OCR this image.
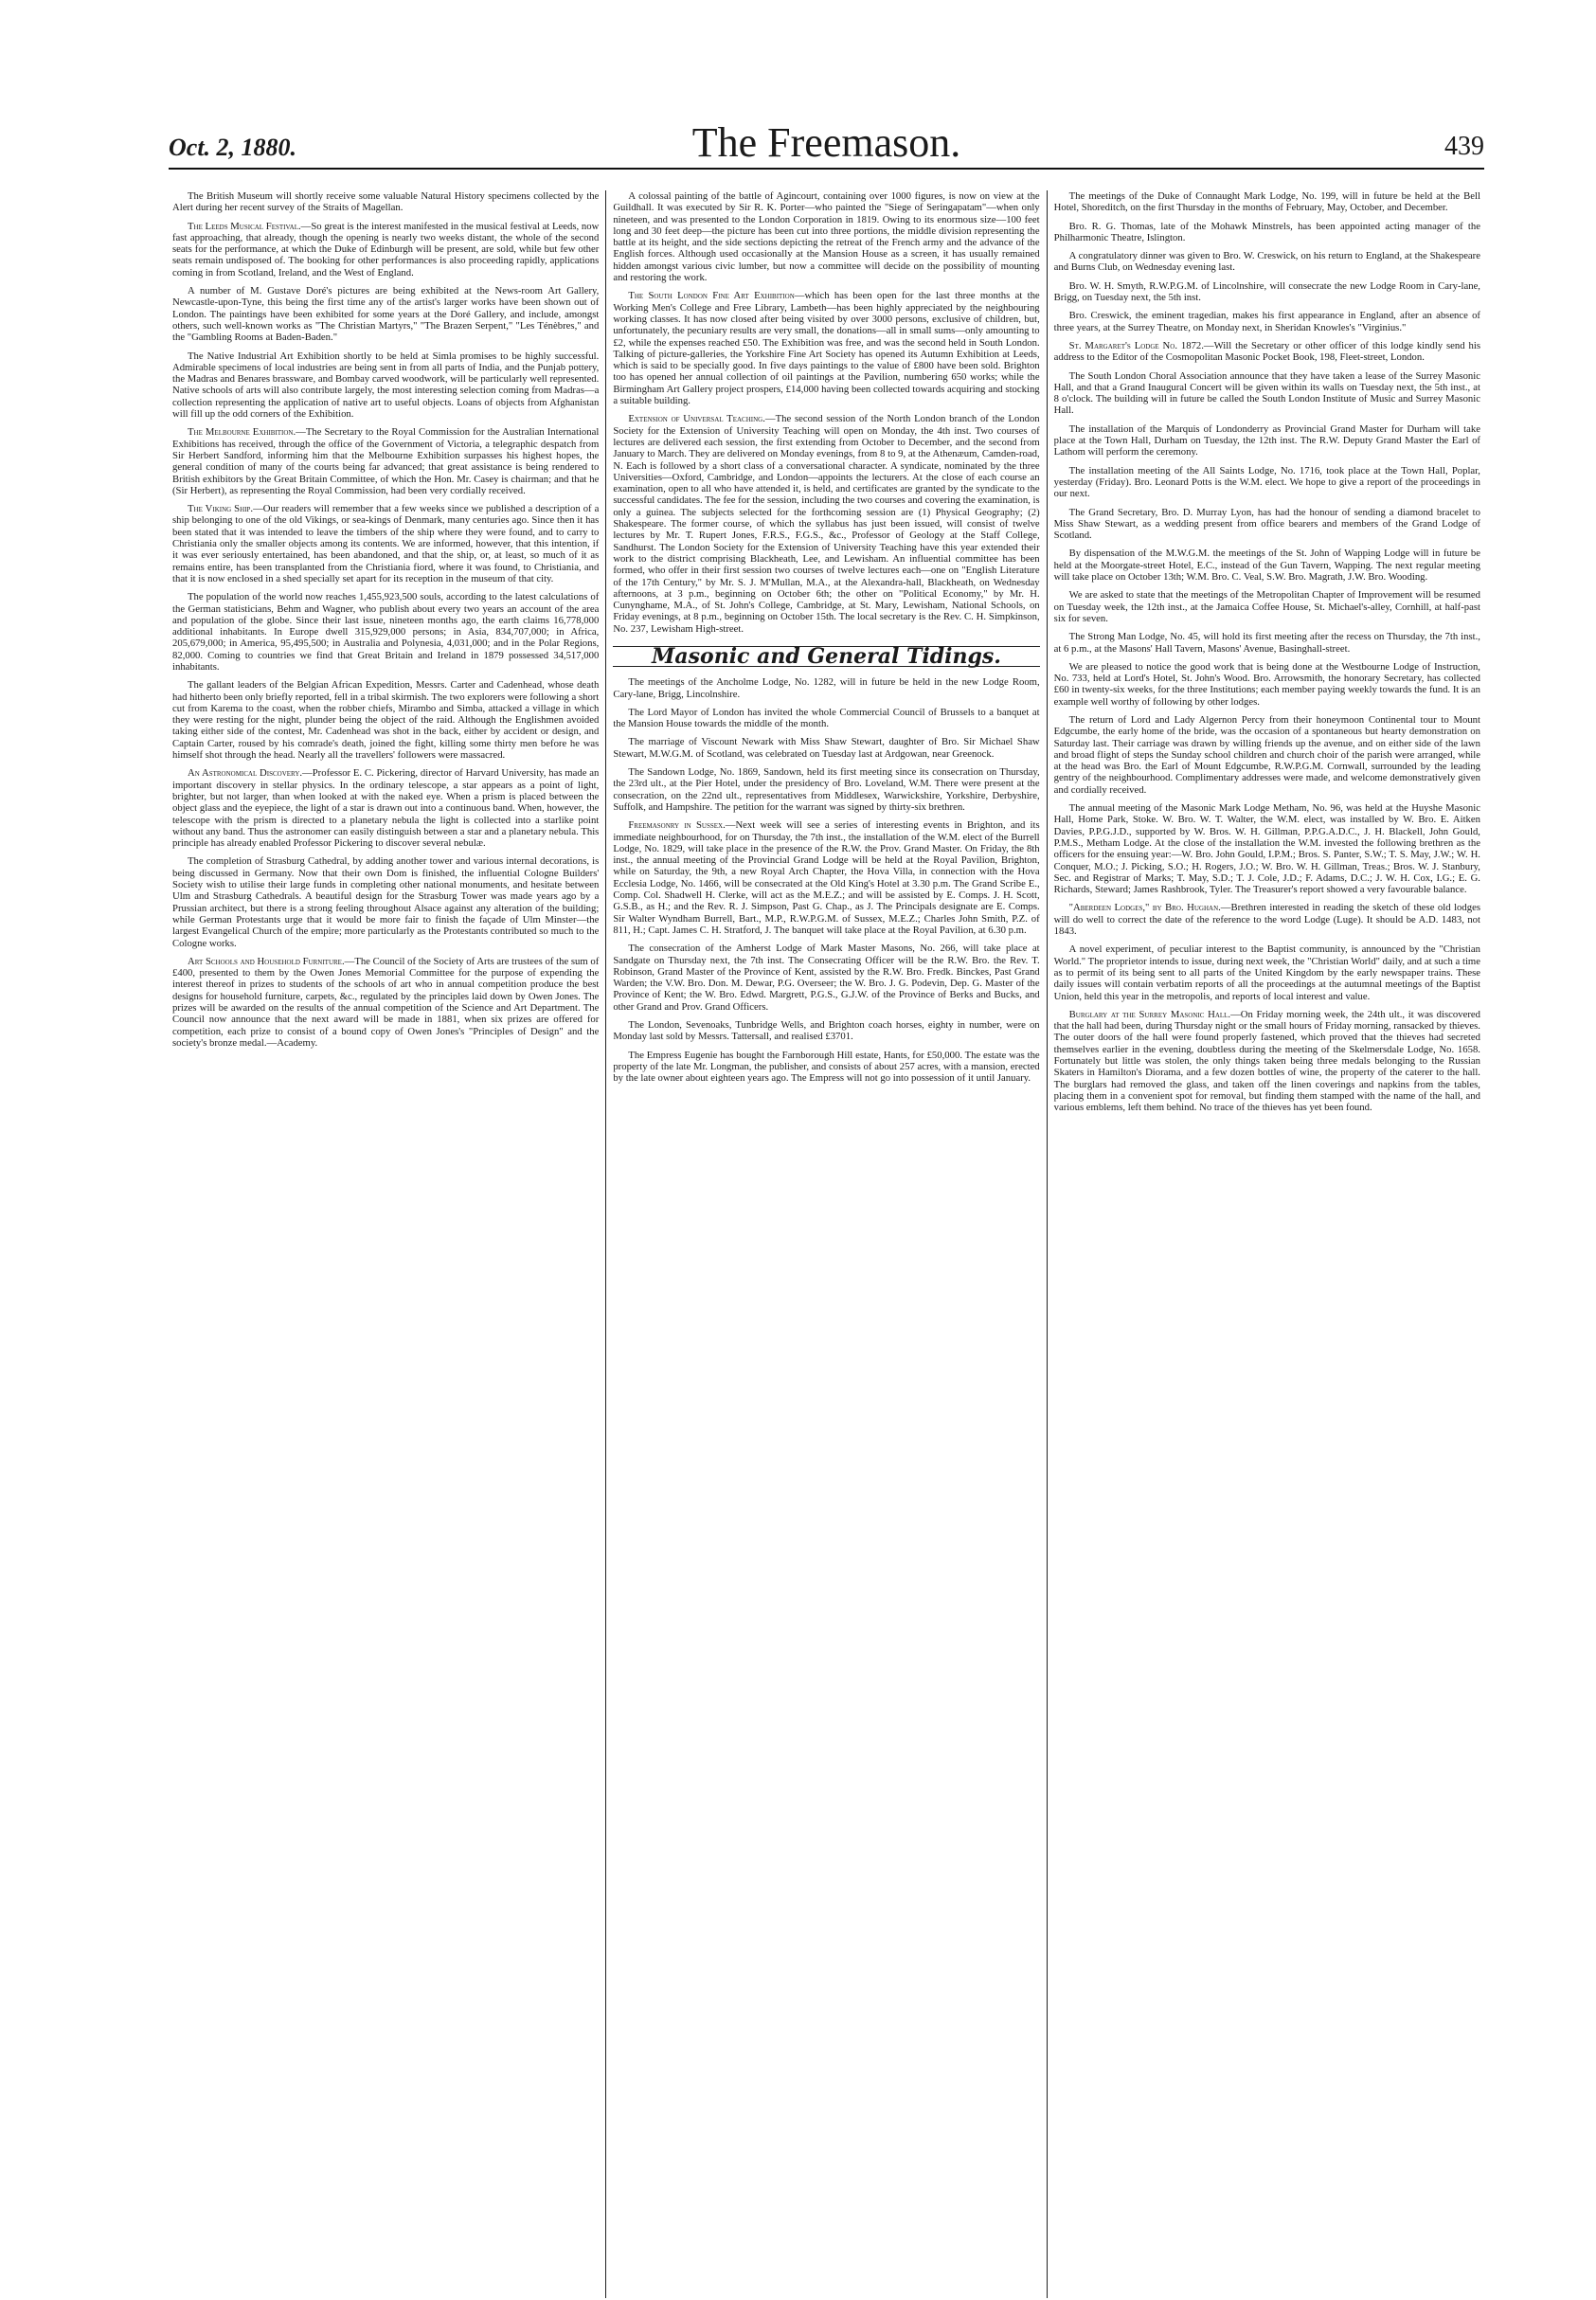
Oct. 2, 1880.	The Freemason.	439

The British Museum will shortly receive some valuable Natural History specimens collected by the Alert during her recent survey of the Straits of Magellan.

The Leeds Musical Festival.—So great is the interest manifested in the musical festival at Leeds, now fast approaching, that already, though the opening is nearly two weeks distant, the whole of the second seats for the performance, at which the Duke of Edinburgh will be present, are sold, while but few other seats remain undisposed of. The booking for other performances is also proceeding rapidly, applications coming in from Scotland, Ireland, and the West of England.

A number of M. Gustave Doré's pictures are being exhibited at the News-room Art Gallery, Newcastle-upon-Tyne, this being the first time any of the artist's larger works have been shown out of London. The paintings have been exhibited for some years at the Doré Gallery, and include, amongst others, such well-known works as "The Christian Martyrs," "The Brazen Serpent," "Les Ténèbres," and the "Gambling Rooms at Baden-Baden."

The Native Industrial Art Exhibition shortly to be held at Simla promises to be highly successful. Admirable specimens of local industries are being sent in from all parts of India, and the Punjab pottery, the Madras and Benares brassware, and Bombay carved woodwork, will be particularly well represented. Native schools of arts will also contribute largely, the most interesting selection coming from Madras—a collection representing the application of native art to useful objects. Loans of objects from Afghanistan will fill up the odd corners of the Exhibition.

The Melbourne Exhibition.—The Secretary to the Royal Commission for the Australian International Exhibitions has received, through the office of the Government of Victoria, a telegraphic despatch from Sir Herbert Sandford, informing him that the Melbourne Exhibition surpasses his highest hopes, the general condition of many of the courts being far advanced; that great assistance is being rendered to British exhibitors by the Great Britain Committee, of which the Hon. Mr. Casey is chairman; and that he (Sir Herbert), as representing the Royal Commission, had been very cordially received.

The Viking Ship.—Our readers will remember that a few weeks since we published a description of a ship belonging to one of the old Vikings, or sea-kings of Denmark, many centuries ago. Since then it has been stated that it was intended to leave the timbers of the ship where they were found, and to carry to Christiania only the smaller objects among its contents. We are informed, however, that this intention, if it was ever seriously entertained, has been abandoned, and that the ship, or, at least, so much of it as remains entire, has been transplanted from the Christiania fiord, where it was found, to Christiania, and that it is now enclosed in a shed specially set apart for its reception in the museum of that city.

The population of the world now reaches 1,455,923,500 souls, according to the latest calculations of the German statisticians, Behm and Wagner, who publish about every two years an account of the area and population of the globe. Since their last issue, nineteen months ago, the earth claims 16,778,000 additional inhabitants. In Europe dwell 315,929,000 persons; in Asia, 834,707,000; in Africa, 205,679,000; in America, 95,495,500; in Australia and Polynesia, 4,031,000; and in the Polar Regions, 82,000. Coming to countries we find that Great Britain and Ireland in 1879 possessed 34,517,000 inhabitants.

The gallant leaders of the Belgian African Expedition, Messrs. Carter and Cadenhead, whose death had hitherto been only briefly reported, fell in a tribal skirmish. The two explorers were following a short cut from Karema to the coast, when the robber chiefs, Mirambo and Simba, attacked a village in which they were resting for the night, plunder being the object of the raid. Although the Englishmen avoided taking either side of the contest, Mr. Cadenhead was shot in the back, either by accident or design, and Captain Carter, roused by his comrade's death, joined the fight, killing some thirty men before he was himself shot through the head. Nearly all the travellers' followers were massacred.

An Astronomical Discovery.—Professor E. C. Pickering, director of Harvard University, has made an important discovery in stellar physics. In the ordinary telescope, a star appears as a point of light, brighter, but not larger, than when looked at with the naked eye. When a prism is placed between the object glass and the eyepiece, the light of a star is drawn out into a continuous band. When, however, the telescope with the prism is directed to a planetary nebula the light is collected into a starlike point without any band. Thus the astronomer can easily distinguish between a star and a planetary nebula. This principle has already enabled Professor Pickering to discover several nebulæ.

The completion of Strasburg Cathedral, by adding another tower and various internal decorations, is being discussed in Germany. Now that their own Dom is finished, the influential Cologne Builders' Society wish to utilise their large funds in completing other national monuments, and hesitate between Ulm and Strasburg Cathedrals. A beautiful design for the Strasburg Tower was made years ago by a Prussian architect, but there is a strong feeling throughout Alsace against any alteration of the building; while German Protestants urge that it would be more fair to finish the façade of Ulm Minster—the largest Evangelical Church of the empire; more particularly as the Protestants contributed so much to the Cologne works.

Art Schools and Household Furniture.—The Council of the Society of Arts are trustees of the sum of £400, presented to them by the Owen Jones Memorial Committee for the purpose of expending the interest thereof in prizes to students of the schools of art who in annual competition produce the best designs for household furniture, carpets, &c., regulated by the principles laid down by Owen Jones. The prizes will be awarded on the results of the annual competition of the Science and Art Department. The Council now announce that the next award will be made in 1881, when six prizes are offered for competition, each prize to consist of a bound copy of Owen Jones's "Principles of Design" and the society's bronze medal.—Academy.

A colossal painting of the battle of Agincourt, containing over 1000 figures, is now on view at the Guildhall. It was executed by Sir R. K. Porter—who painted the "Siege of Seringapatam"—when only nineteen, and was presented to the London Corporation in 1819. Owing to its enormous size—100 feet long and 30 feet deep—the picture has been cut into three portions, the middle division representing the battle at its height, and the side sections depicting the retreat of the French army and the advance of the English forces. Although used occasionally at the Mansion House as a screen, it has usually remained hidden amongst various civic lumber, but now a committee will decide on the possibility of mounting and restoring the work.

The South London Fine Art Exhibition—which has been open for the last three months at the Working Men's College and Free Library, Lambeth—has been highly appreciated by the neighbouring working classes. It has now closed after being visited by over 3000 persons, exclusive of children, but, unfortunately, the pecuniary results are very small, the donations—all in small sums—only amounting to £2, while the expenses reached £50. The Exhibition was free, and was the second held in South London. Talking of picture-galleries, the Yorkshire Fine Art Society has opened its Autumn Exhibition at Leeds, which is said to be specially good. In five days paintings to the value of £800 have been sold. Brighton too has opened her annual collection of oil paintings at the Pavilion, numbering 650 works; while the Birmingham Art Gallery project prospers, £14,000 having been collected towards acquiring and stocking a suitable building.

Extension of Universal Teaching.—The second session of the North London branch of the London Society for the Extension of University Teaching will open on Monday, the 4th inst. Two courses of lectures are delivered each session, the first extending from October to December, and the second from January to March. They are delivered on Monday evenings, from 8 to 9, at the Athenæum, Camden-road, N. Each is followed by a short class of a conversational character. A syndicate, nominated by the three Universities—Oxford, Cambridge, and London—appoints the lecturers. At the close of each course an examination, open to all who have attended it, is held, and certificates are granted by the syndicate to the successful candidates. The fee for the session, including the two courses and covering the examination, is only a guinea. The subjects selected for the forthcoming session are (1) Physical Geography; (2) Shakespeare. The former course, of which the syllabus has just been issued, will consist of twelve lectures by Mr. T. Rupert Jones, F.R.S., F.G.S., &c., Professor of Geology at the Staff College, Sandhurst. The London Society for the Extension of University Teaching have this year extended their work to the district comprising Blackheath, Lee, and Lewisham. An influential committee has been formed, who offer in their first session two courses of twelve lectures each—one on "English Literature of the 17th Century," by Mr. S. J. M'Mullan, M.A., at the Alexandra-hall, Blackheath, on Wednesday afternoons, at 3 p.m., beginning on October 6th; the other on "Political Economy," by Mr. H. Cunynghame, M.A., of St. John's College, Cambridge, at St. Mary, Lewisham, National Schools, on Friday evenings, at 8 p.m., beginning on October 15th. The local secretary is the Rev. C. H. Simpkinson, No. 237, Lewisham High-street.

Masonic and General Tidings.

The meetings of the Ancholme Lodge, No. 1282, will in future be held in the new Lodge Room, Cary-lane, Brigg, Lincolnshire.

The Lord Mayor of London has invited the whole Commercial Council of Brussels to a banquet at the Mansion House towards the middle of the month.

The marriage of Viscount Newark with Miss Shaw Stewart, daughter of Bro. Sir Michael Shaw Stewart, M.W.G.M. of Scotland, was celebrated on Tuesday last at Ardgowan, near Greenock.

The Sandown Lodge, No. 1869, Sandown, held its first meeting since its consecration on Thursday, the 23rd ult., at the Pier Hotel, under the presidency of Bro. Loveland, W.M. There were present at the consecration, on the 22nd ult., representatives from Middlesex, Warwickshire, Yorkshire, Derbyshire, Suffolk, and Hampshire. The petition for the warrant was signed by thirty-six brethren.

Freemasonry in Sussex.—Next week will see a series of interesting events in Brighton, and its immediate neighbourhood, for on Thursday, the 7th inst., the installation of the W.M. elect of the Burrell Lodge, No. 1829, will take place in the presence of the R.W. the Prov. Grand Master. On Friday, the 8th inst., the annual meeting of the Provincial Grand Lodge will be held at the Royal Pavilion, Brighton, while on Saturday, the 9th, a new Royal Arch Chapter, the Hova Villa, in connection with the Hova Ecclesia Lodge, No. 1466, will be consecrated at the Old King's Hotel at 3.30 p.m. The Grand Scribe E., Comp. Col. Shadwell H. Clerke, will act as the M.E.Z.; and will be assisted by E. Comps. J. H. Scott, G.S.B., as H.; and the Rev. R. J. Simpson, Past G. Chap., as J. The Principals designate are E. Comps. Sir Walter Wyndham Burrell, Bart., M.P., R.W.P.G.M. of Sussex, M.E.Z.; Charles John Smith, P.Z. of 811, H.; Capt. James C. H. Stratford, J. The banquet will take place at the Royal Pavilion, at 6.30 p.m.

The consecration of the Amherst Lodge of Mark Master Masons, No. 266, will take place at Sandgate on Thursday next, the 7th inst. The Consecrating Officer will be the R.W. Bro. the Rev. T. Robinson, Grand Master of the Province of Kent, assisted by the R.W. Bro. Fredk. Binckes, Past Grand Warden; the V.W. Bro. Don. M. Dewar, P.G. Overseer; the W. Bro. J. G. Podevin, Dep. G. Master of the Province of Kent; the W. Bro. Edwd. Margrett, P.G.S., G.J.W. of the Province of Berks and Bucks, and other Grand and Prov. Grand Officers.

The London, Sevenoaks, Tunbridge Wells, and Brighton coach horses, eighty in number, were on Monday last sold by Messrs. Tattersall, and realised £3701.

The Empress Eugenie has bought the Farnborough Hill estate, Hants, for £50,000. The estate was the property of the late Mr. Longman, the publisher, and consists of about 257 acres, with a mansion, erected by the late owner about eighteen years ago. The Empress will not go into possession of it until January.

The meetings of the Duke of Connaught Mark Lodge, No. 199, will in future be held at the Bell Hotel, Shoreditch, on the first Thursday in the months of February, May, October, and December.

Bro. R. G. Thomas, late of the Mohawk Minstrels, has been appointed acting manager of the Philharmonic Theatre, Islington.

A congratulatory dinner was given to Bro. W. Creswick, on his return to England, at the Shakespeare and Burns Club, on Wednesday evening last.

Bro. W. H. Smyth, R.W.P.G.M. of Lincolnshire, will consecrate the new Lodge Room in Cary-lane, Brigg, on Tuesday next, the 5th inst.

Bro. Creswick, the eminent tragedian, makes his first appearance in England, after an absence of three years, at the Surrey Theatre, on Monday next, in Sheridan Knowles's "Virginius."

St. Margaret's Lodge No. 1872.—Will the Secretary or other officer of this lodge kindly send his address to the Editor of the Cosmopolitan Masonic Pocket Book, 198, Fleet-street, London.

The South London Choral Association announce that they have taken a lease of the Surrey Masonic Hall, and that a Grand Inaugural Concert will be given within its walls on Tuesday next, the 5th inst., at 8 o'clock. The building will in future be called the South London Institute of Music and Surrey Masonic Hall.

The installation of the Marquis of Londonderry as Provincial Grand Master for Durham will take place at the Town Hall, Durham on Tuesday, the 12th inst. The R.W. Deputy Grand Master the Earl of Lathom will perform the ceremony.

The installation meeting of the All Saints Lodge, No. 1716, took place at the Town Hall, Poplar, yesterday (Friday). Bro. Leonard Potts is the W.M. elect. We hope to give a report of the proceedings in our next.

The Grand Secretary, Bro. D. Murray Lyon, has had the honour of sending a diamond bracelet to Miss Shaw Stewart, as a wedding present from office bearers and members of the Grand Lodge of Scotland.

By dispensation of the M.W.G.M. the meetings of the St. John of Wapping Lodge will in future be held at the Moorgate-street Hotel, E.C., instead of the Gun Tavern, Wapping. The next regular meeting will take place on October 13th; W.M. Bro. C. Veal, S.W. Bro. Magrath, J.W. Bro. Wooding.

We are asked to state that the meetings of the Metropolitan Chapter of Improvement will be resumed on Tuesday week, the 12th inst., at the Jamaica Coffee House, St. Michael's-alley, Cornhill, at half-past six for seven.

The Strong Man Lodge, No. 45, will hold its first meeting after the recess on Thursday, the 7th inst., at 6 p.m., at the Masons' Hall Tavern, Masons' Avenue, Basinghall-street.

We are pleased to notice the good work that is being done at the Westbourne Lodge of Instruction, No. 733, held at Lord's Hotel, St. John's Wood. Bro. Arrowsmith, the honorary Secretary, has collected £60 in twenty-six weeks, for the three Institutions; each member paying weekly towards the fund. It is an example well worthy of following by other lodges.

The return of Lord and Lady Algernon Percy from their honeymoon Continental tour to Mount Edgcumbe, the early home of the bride, was the occasion of a spontaneous but hearty demonstration on Saturday last. Their carriage was drawn by willing friends up the avenue, and on either side of the lawn and broad flight of steps the Sunday school children and church choir of the parish were arranged, while at the head was Bro. the Earl of Mount Edgcumbe, R.W.P.G.M. Cornwall, surrounded by the leading gentry of the neighbourhood. Complimentary addresses were made, and welcome demonstratively given and cordially received.

The annual meeting of the Masonic Mark Lodge Metham, No. 96, was held at the Huyshe Masonic Hall, Home Park, Stoke. W. Bro. W. T. Walter, the W.M. elect, was installed by W. Bro. E. Aitken Davies, P.P.G.J.D., supported by W. Bros. W. H. Gillman, P.P.G.A.D.C., J. H. Blackell, John Gould, P.M.S., Metham Lodge. At the close of the installation the W.M. invested the following brethren as the officers for the ensuing year:—W. Bro. John Gould, I.P.M.; Bros. S. Panter, S.W.; T. S. May, J.W.; W. H. Conquer, M.O.; J. Picking, S.O.; H. Rogers, J.O.; W. Bro. W. H. Gillman, Treas.; Bros. W. J. Stanbury, Sec. and Registrar of Marks; T. May, S.D.; T. J. Cole, J.D.; F. Adams, D.C.; J. W. H. Cox, I.G.; E. G. Richards, Steward; James Rashbrook, Tyler. The Treasurer's report showed a very favourable balance.

"Aberdeen Lodges," by Bro. Hughan.—Brethren interested in reading the sketch of these old lodges will do well to correct the date of the reference to the word Lodge (Luge). It should be A.D. 1483, not 1843.

A novel experiment, of peculiar interest to the Baptist community, is announced by the "Christian World." The proprietor intends to issue, during next week, the "Christian World" daily, and at such a time as to permit of its being sent to all parts of the United Kingdom by the early newspaper trains. These daily issues will contain verbatim reports of all the proceedings at the autumnal meetings of the Baptist Union, held this year in the metropolis, and reports of local interest and value.

Burglary at the Surrey Masonic Hall.—On Friday morning week, the 24th ult., it was discovered that the hall had been, during Thursday night or the small hours of Friday morning, ransacked by thieves. The outer doors of the hall were found properly fastened, which proved that the thieves had secreted themselves earlier in the evening, doubtless during the meeting of the Skelmersdale Lodge, No. 1658. Fortunately but little was stolen, the only things taken being three medals belonging to the Russian Skaters in Hamilton's Diorama, and a few dozen bottles of wine, the property of the caterer to the hall. The burglars had removed the glass, and taken off the linen coverings and napkins from the tables, placing them in a convenient spot for removal, but finding them stamped with the name of the hall, and various emblems, left them behind. No trace of the thieves has yet been found.
